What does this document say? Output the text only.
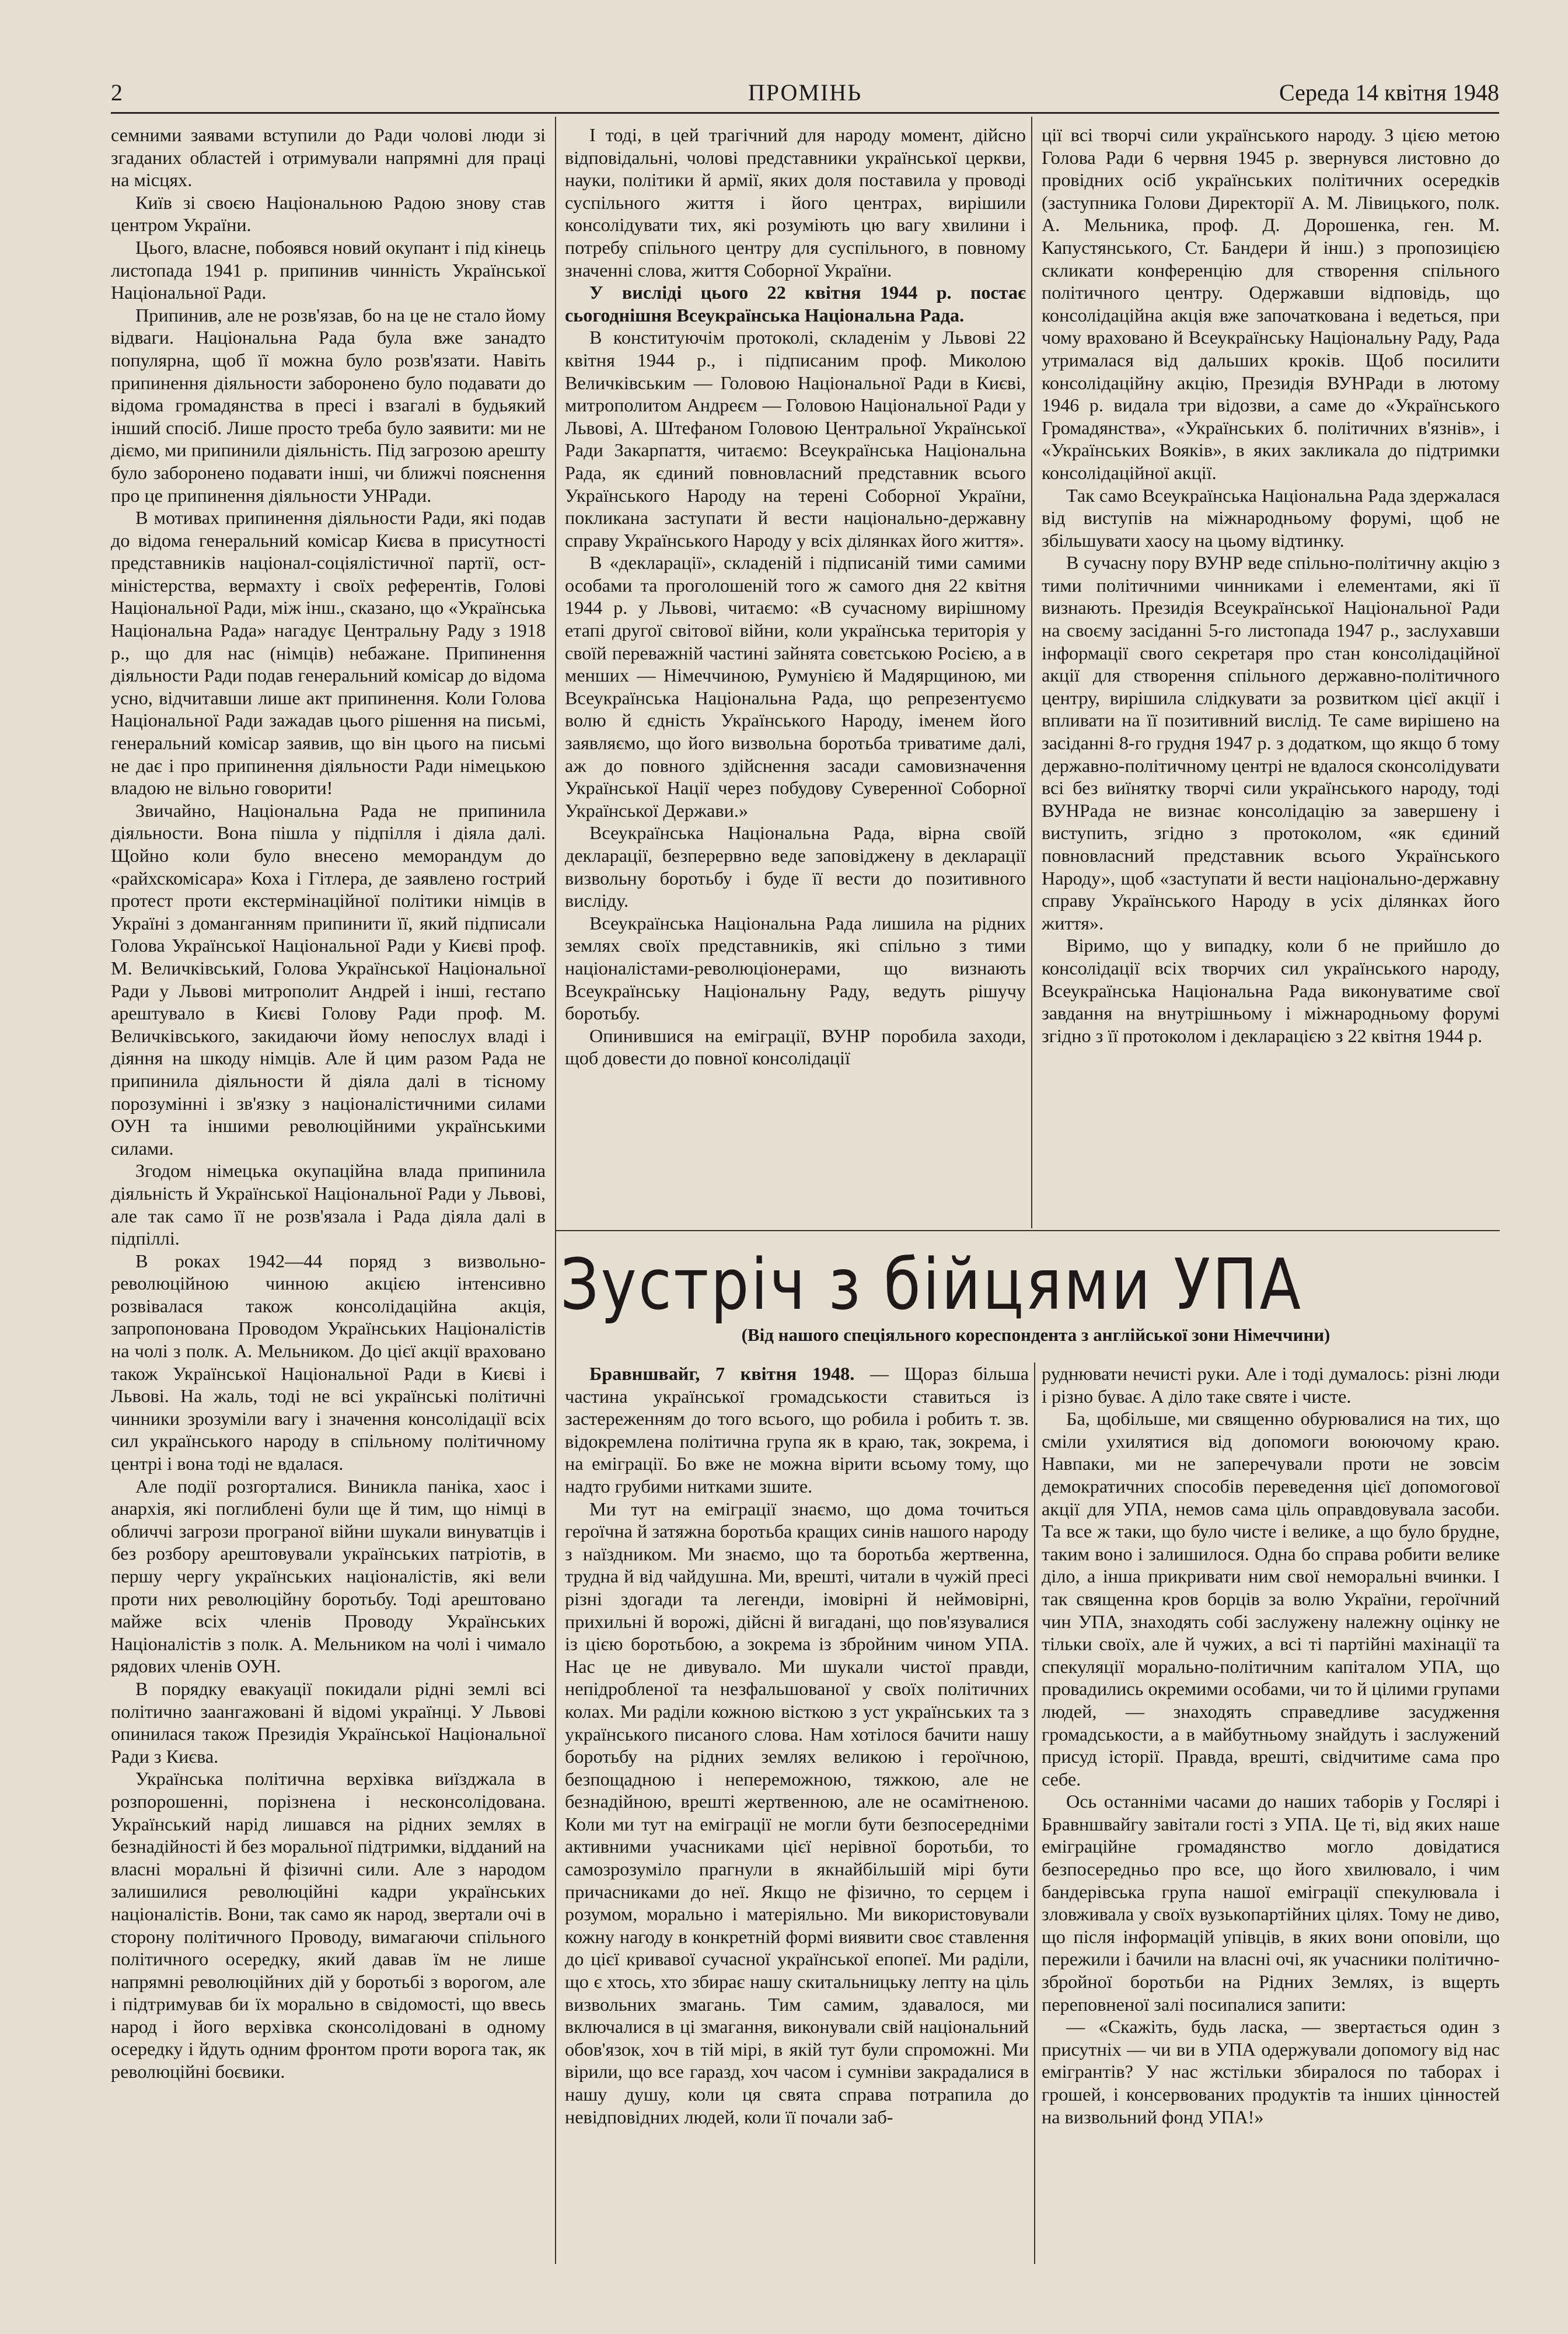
2	ПРОМІНЬ	Середа 14 квітня 1948

семними заявами вступили до Ради чолові люди зі згаданих областей і отримували напрямні для праці на місцях.

Київ зі своєю Національною Радою знову став центром України.

Цього, власне, побоявся новий окупант і під кінець листопада 1941 р. припинив чинність Української Національної Ради.

Припинив, але не розв'язав, бо на це не стало йому відваги. Національна Рада була вже занадто популярна, щоб її можна було розв'язати. Навіть припинення діяльности заборонено було подавати до відома громадянства в пресі і взагалі в будьякий інший спосіб. Лише просто треба було заявити: ми не діємо, ми припинили діяльність. Під загрозою арешту було заборонено подавати інші, чи ближчі пояснення про це припинення діяльности УНРади.

В мотивах припинення діяльности Ради, які подав до відома генеральний комісар Києва в присутності представників націонал-соціялістичної партії, ост-міністерства, вермахту і своїх референтів, Голові Національної Ради, між інш., сказано, що «Українська Національна Рада» нагадує Центральну Раду з 1918 р., що для нас (німців) небажане. Припинення діяльности Ради подав генеральний комісар до відома усно, відчитавши лише акт припинення. Коли Голова Національної Ради зажадав цього рішення на письмі, генеральний комісар заявив, що він цього на письмі не дає і про припинення діяльности Ради німецькою владою не вільно говорити!

Звичайно, Національна Рада не припинила діяльности. Вона пішла у підпілля і діяла далі. Щойно коли було внесено меморандум до «райхскомісара» Коха і Гітлера, де заявлено гострий протест проти екстермінаційної політики німців в Україні з доманганням припинити її, який підписали Голова Української Національної Ради у Києві проф. М. Величківський, Голова Української Національної Ради у Львові митрополит Андрей і інші, гестапо арештувало в Києві Голову Ради проф. М. Величківського, закидаючи йому непослух владі і діяння на шкоду німців. Але й цим разом Рада не припинила діяльности й діяла далі в тісному порозумінні і зв'язку з націоналістичними силами ОУН та іншими революційними українськими силами.

Згодом німецька окупаційна влада припинила діяльність й Української Національної Ради у Львові, але так само її не розв'язала і Рада діяла далі в підпіллі.

В роках 1942—44 поряд з визвольно-революційною чинною акцією інтенсивно розвівалася також консолідаційна акція, запропонована Проводом Українських Націоналістів на чолі з полк. А. Мельником. До цієї акції враховано також Української Національної Ради в Києві і Львові. На жаль, тоді не всі українські політичні чинники зрозуміли вагу і значення консолідації всіх сил українського народу в спільному політичному центрі і вона тоді не вдалася.

Але події розгорталися. Виникла паніка, хаос і анархія, які поглиблені були ще й тим, що німці в обличчі загрози програної війни шукали винуватців і без розбору арештовували українських патріотів, в першу чергу українських націоналістів, які вели проти них революційну боротьбу. Тоді арештовано майже всіх членів Проводу Українських Націоналістів з полк. А. Мельником на чолі і чимало рядових членів ОУН.

В порядку евакуації покидали рідні землі всі політично заангажовані й відомі українці. У Львові опинилася також Президія Української Національної Ради з Києва.

Українська політична верхівка виїзджала в розпорошенні, порізнена і несконсолідована. Український нарід лишався на рідних землях в безнадійності й без моральної підтримки, відданий на власні моральні й фізичні сили. Але з народом залишилися революційні кадри українських націоналістів. Вони, так само як народ, звертали очі в сторону політичного Проводу, вимагаючи спільного політичного осередку, який давав їм не лише напрямні революційних дій у боротьбі з ворогом, але і підтримував би їх морально в свідомості, що ввесь народ і його верхівка сконсолідовані в одному осередку і йдуть одним фронтом проти ворога так, як революційні боєвики.

І тоді, в цей трагічний для народу момент, дійсно відповідальні, чолові представники української церкви, науки, політики й армії, яких доля поставила у проводі суспільного життя і його центрах, вирішили консолідувати тих, які розуміють цю вагу хвилини і потребу спільного центру для суспільного, в повному значенні слова, життя Соборної України.

У висліді цього 22 квітня 1944 р. постає сьогоднішня Всеукраїнська Національна Рада.

В конституючім протоколі, складенім у Львові 22 квітня 1944 р., і підписаним проф. Миколою Величківським — Головою Національної Ради в Києві, митрополитом Андреєм — Головою Національної Ради у Львові, А. Штефаном Головою Центральної Української Ради Закарпаття, читаємо: Всеукраїнська Національна Рада, як єдиний повновласний представник всього Українського Народу на терені Соборної України, покликана заступати й вести національно-державну справу Українського Народу у всіх ділянках його життя».

В «декларації», складеній і підписаній тими самими особами та проголошеній того ж самого дня 22 квітня 1944 р. у Львові, читаємо: «В сучасному вирішному етапі другої світової війни, коли українська територія у своїй переважній частині зайнята совєтською Росією, а в менших — Німеччиною, Румунією й Мадярщиною, ми Всеукраїнська Національна Рада, що репрезентуємо волю й єдність Українського Народу, іменем його заявляємо, що його визвольна боротьба триватиме далі, аж до повного здійснення засади самовизначення Української Нації через побудову Суверенної Соборної Української Держави.»

Всеукраїнська Національна Рада, вірна своїй декларації, безперервно веде заповіджену в декларації визвольну боротьбу і буде її вести до позитивного висліду.

Всеукраїнська Національна Рада лишила на рідних землях своїх представників, які спільно з тими націоналістами-революціонерами, що визнають Всеукраїнську Національну Раду, ведуть рішучу боротьбу.

Опинившися на еміграції, ВУНР поробила заходи, щоб довести до повної консолідації

ції всі творчі сили українського народу. З цією метою Голова Ради 6 червня 1945 р. звернувся листовно до провідних осіб українських політичних осередків (заступника Голови Директорії А. М. Лівицького, полк. А. Мельника, проф. Д. Дорошенка, ген. М. Капустянського, Ст. Бандери й інш.) з пропозицією скликати конференцію для створення спільного політичного центру. Одержавши відповідь, що консолідаційна акція вже започаткована і ведеться, при чому враховано й Всеукраїнську Національну Раду, Рада утрималася від дальших кроків. Щоб посилити консолідаційну акцію, Президія ВУНРади в лютому 1946 р. видала три відозви, а саме до «Українського Громадянства», «Українських б. політичних в'язнів», і «Українських Вояків», в яких закликала до підтримки консолідаційної акції.

Так само Всеукраїнська Національна Рада здержалася від виступів на міжнародньому форумі, щоб не збільшувати хаосу на цьому відтинку.

В сучасну пору ВУНР веде спільно-політичну акцію з тими політичними чинниками і елементами, які її визнають. Президія Всеукраїнської Національної Ради на своєму засіданні 5-го листопада 1947 р., заслухавши інформації свого секретаря про стан консолідаційної акції для створення спільного державно-політичного центру, вирішила слідкувати за розвитком цієї акції і впливати на її позитивний вислід. Те саме вирішено на засіданні 8-го грудня 1947 р. з додатком, що якщо б тому державно-політичному центрі не вдалося сконсолідувати всі без виїнятку творчі сили українського народу, тоді ВУНРада не визнає консолідацію за завершену і виступить, згідно з протоколом, «як єдиний повновласний представник всього Українського Народу», щоб «заступати й вести національно-державну справу Українського Народу в усіх ділянках його життя».

Віримо, що у випадку, коли б не прийшло до консолідації всіх творчих сил українського народу, Всеукраїнська Національна Рада виконуватиме свої завдання на внутрішньому і міжнародньому форумі згідно з її протоколом і декларацією з 22 квітня 1944 р.

Зустріч з бійцями УПА
(Від нашого спеціяльного кореспондента з англійської зони Німеччини)

Бравншвайг, 7 квітня 1948. — Щораз більша частина української громадськости ставиться із застереженням до того всього, що робила і робить т. зв. відокремлена політична група як в краю, так, зокрема, і на еміграції. Бо вже не можна вірити всьому тому, що надто грубими нитками зшите.

Ми тут на еміграції знаємо, що дома точиться героїчна й затяжна боротьба кращих синів нашого народу з наїздником. Ми знаємо, що та боротьба жертвенна, трудна й від чайдушна. Ми, врешті, читали в чужій пресі різні здогади та легенди, імовірні й неймовірні, прихильні й ворожі, дійсні й вигадані, що пов'язувалися із цією боротьбою, а зокрема із збройним чином УПА. Нас це не дивувало. Ми шукали чистої правди, непідробленої та незфальшованої у своїх політичних колах. Ми раділи кожною вісткою з уст українських та з українського писаного слова. Нам хотілося бачити нашу боротьбу на рідних землях великою і героїчною, безпощадною і непереможною, тяжкою, але не безнадійною, врешті жертвенною, але не осамітненою. Коли ми тут на еміграції не могли бути безпосередніми активними учасниками цієї нерівної боротьби, то самозрозуміло прагнули в якнайбільшій мірі бути причасниками до неї. Якщо не фізично, то серцем і розумом, морально і матеріяльно. Ми використовували кожну нагоду в конкретній формі виявити своє ставлення до цієї кривавої сучасної української епопеї. Ми раділи, що є хтось, хто збирає нашу скитальницьку лепту на ціль визвольних змагань. Тим самим, здавалося, ми включалися в ці змагання, виконували свій національний обов'язок, хоч в тій мірі, в якій тут були спроможні. Ми вірили, що все гаразд, хоч часом і сумніви закрадалися в нашу душу, коли ця свята справа потрапила до невідповідних людей, коли її почали заб-

руднювати нечисті руки. Але і тоді думалось: різні люди і різно буває. А діло таке святе і чисте.

Ба, щобільше, ми священно обурювалися на тих, що сміли ухилятися від допомоги воюючому краю. Навпаки, ми не заперечували проти не зовсім демократичних способів переведення цієї допомогової акції для УПА, немов сама ціль оправдовувала засоби. Та все ж таки, що було чисте і велике, а що було брудне, таким воно і залишилося. Одна бо справа робити велике діло, а інша прикривати ним свої неморальні вчинки. І так священна кров борців за волю України, героїчний чин УПА, знаходять собі заслужену належну оцінку не тільки своїх, але й чужих, а всі ті партійні махінації та спекуляції морально-політичним капіталом УПА, що провадились окремими особами, чи то й цілими групами людей, — знаходять справедливе засудження громадськости, а в майбутньому знайдуть і заслужений присуд історії. Правда, врешті, свідчитиме сама про себе.

Ось останніми часами до наших таборів у Гослярі і Бравншвайгу завітали гості з УПА. Це ті, від яких наше еміграційне громадянство могло довідатися безпосередньо про все, що його хвилювало, і чим бандерівська група нашої еміграції спекулювала і зловживала у своїх вузькопартійних цілях. Тому не диво, що після інформацій упівців, в яких вони оповіли, що пережили і бачили на власні очі, як учасники політично-збройної боротьби на Рідних Землях, із вщерть переповненої залі посипалися запити:

— «Скажіть, будь ласка, — звертається один з присутніх — чи ви в УПА одержували допомогу від нас емігрантів? У нас жстільки збиралося по таборах і грошей, і консервованих продуктів та інших цінностей на визвольний фонд УПА!»
